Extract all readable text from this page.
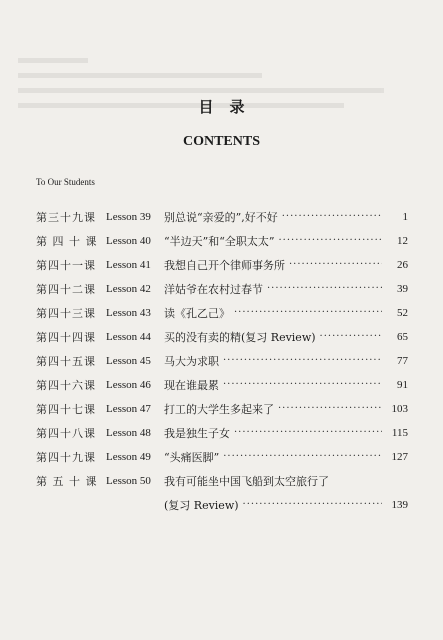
目录
CONTENTS
To Our Students
第三十九课 Lesson 39	别总说“亲爱的”,好不好 ·····	1
第 四 十 课 Lesson 40	“半边天”和“全职太太” ·····	12
第四十一课 Lesson 41	我想自己开个律师事务所 ·····	26
第四十二课 Lesson 42	洋姑爷在农村过春节 ·····	39
第四十三课 Lesson 43	读《孔乙己》 ·····	52
第四十四课 Lesson 44	买的没有卖的精(复习 Review) ·····	65
第四十五课 Lesson 45	马大为求职 ·····	77
第四十六课 Lesson 46	现在谁最累 ·····	91
第四十七课 Lesson 47	打工的大学生多起来了 ·····	103
第四十八课 Lesson 48	我是独生子女 ·····	115
第四十九课 Lesson 49	“头痛医脚” ·····	127
第 五 十 课 Lesson 50	我有可能坐中国飞船到太空旅行了
(复习 Review) ·····	139
